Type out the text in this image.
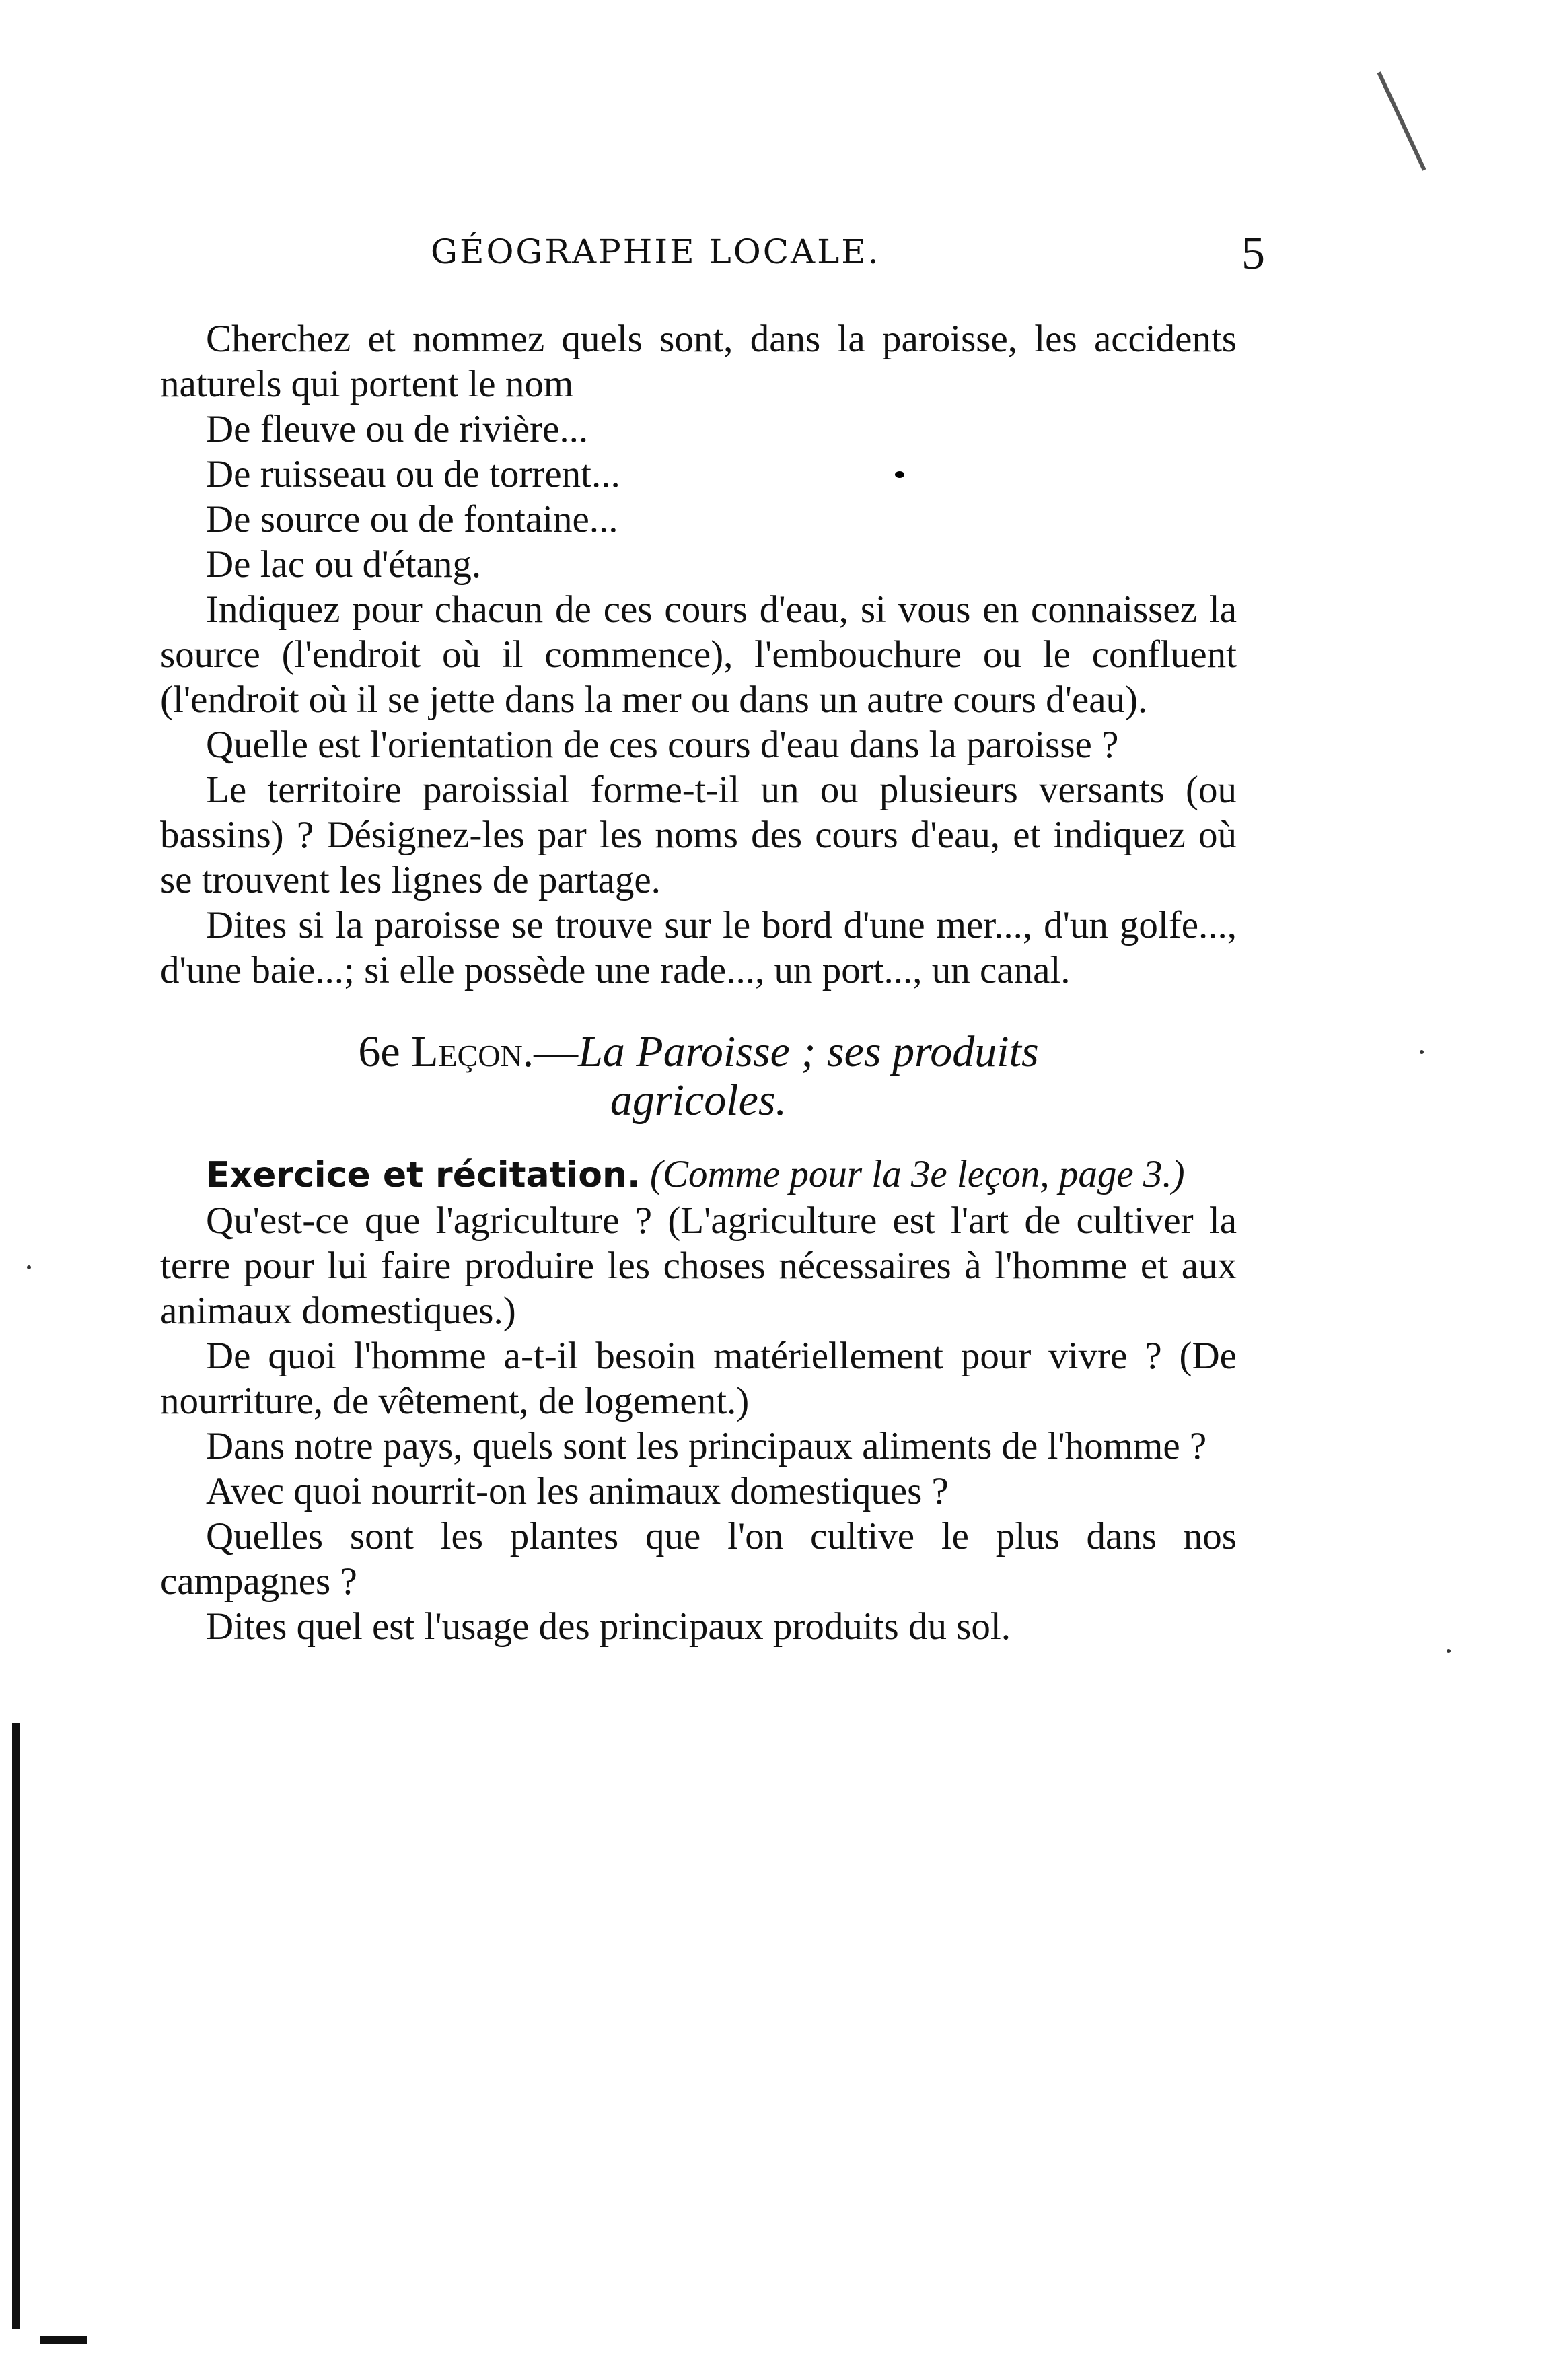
GÉOGRAPHIE LOCALE.	5

Cherchez et nommez quels sont, dans la paroisse, les accidents naturels qui portent le nom

De fleuve ou de rivière...

De ruisseau ou de torrent...

De source ou de fontaine...

De lac ou d'étang.

Indiquez pour chacun de ces cours d'eau, si vous en connaissez la source (l'endroit où il commence), l'embouchure ou le confluent (l'endroit où il se jette dans la mer ou dans un autre cours d'eau).

Quelle est l'orientation de ces cours d'eau dans la paroisse ?

Le territoire paroissial forme-t-il un ou plusieurs versants (ou bassins) ? Désignez-les par les noms des cours d'eau, et indiquez où se trouvent les lignes de partage.

Dites si la paroisse se trouve sur le bord d'une mer..., d'un golfe..., d'une baie...; si elle possède une rade..., un port..., un canal.

6e Leçon.—La Paroisse ; ses produits
agricoles.

Exercice et récitation. (Comme pour la 3e leçon, page 3.)

Qu'est-ce que l'agriculture ? (L'agriculture est l'art de cultiver la terre pour lui faire produire les choses nécessaires à l'homme et aux animaux domestiques.)

De quoi l'homme a-t-il besoin matériellement pour vivre ? (De nourriture, de vêtement, de logement.)

Dans notre pays, quels sont les principaux aliments de l'homme ?

Avec quoi nourrit-on les animaux domestiques ?

Quelles sont les plantes que l'on cultive le plus dans nos campagnes ?

Dites quel est l'usage des principaux produits du sol.
